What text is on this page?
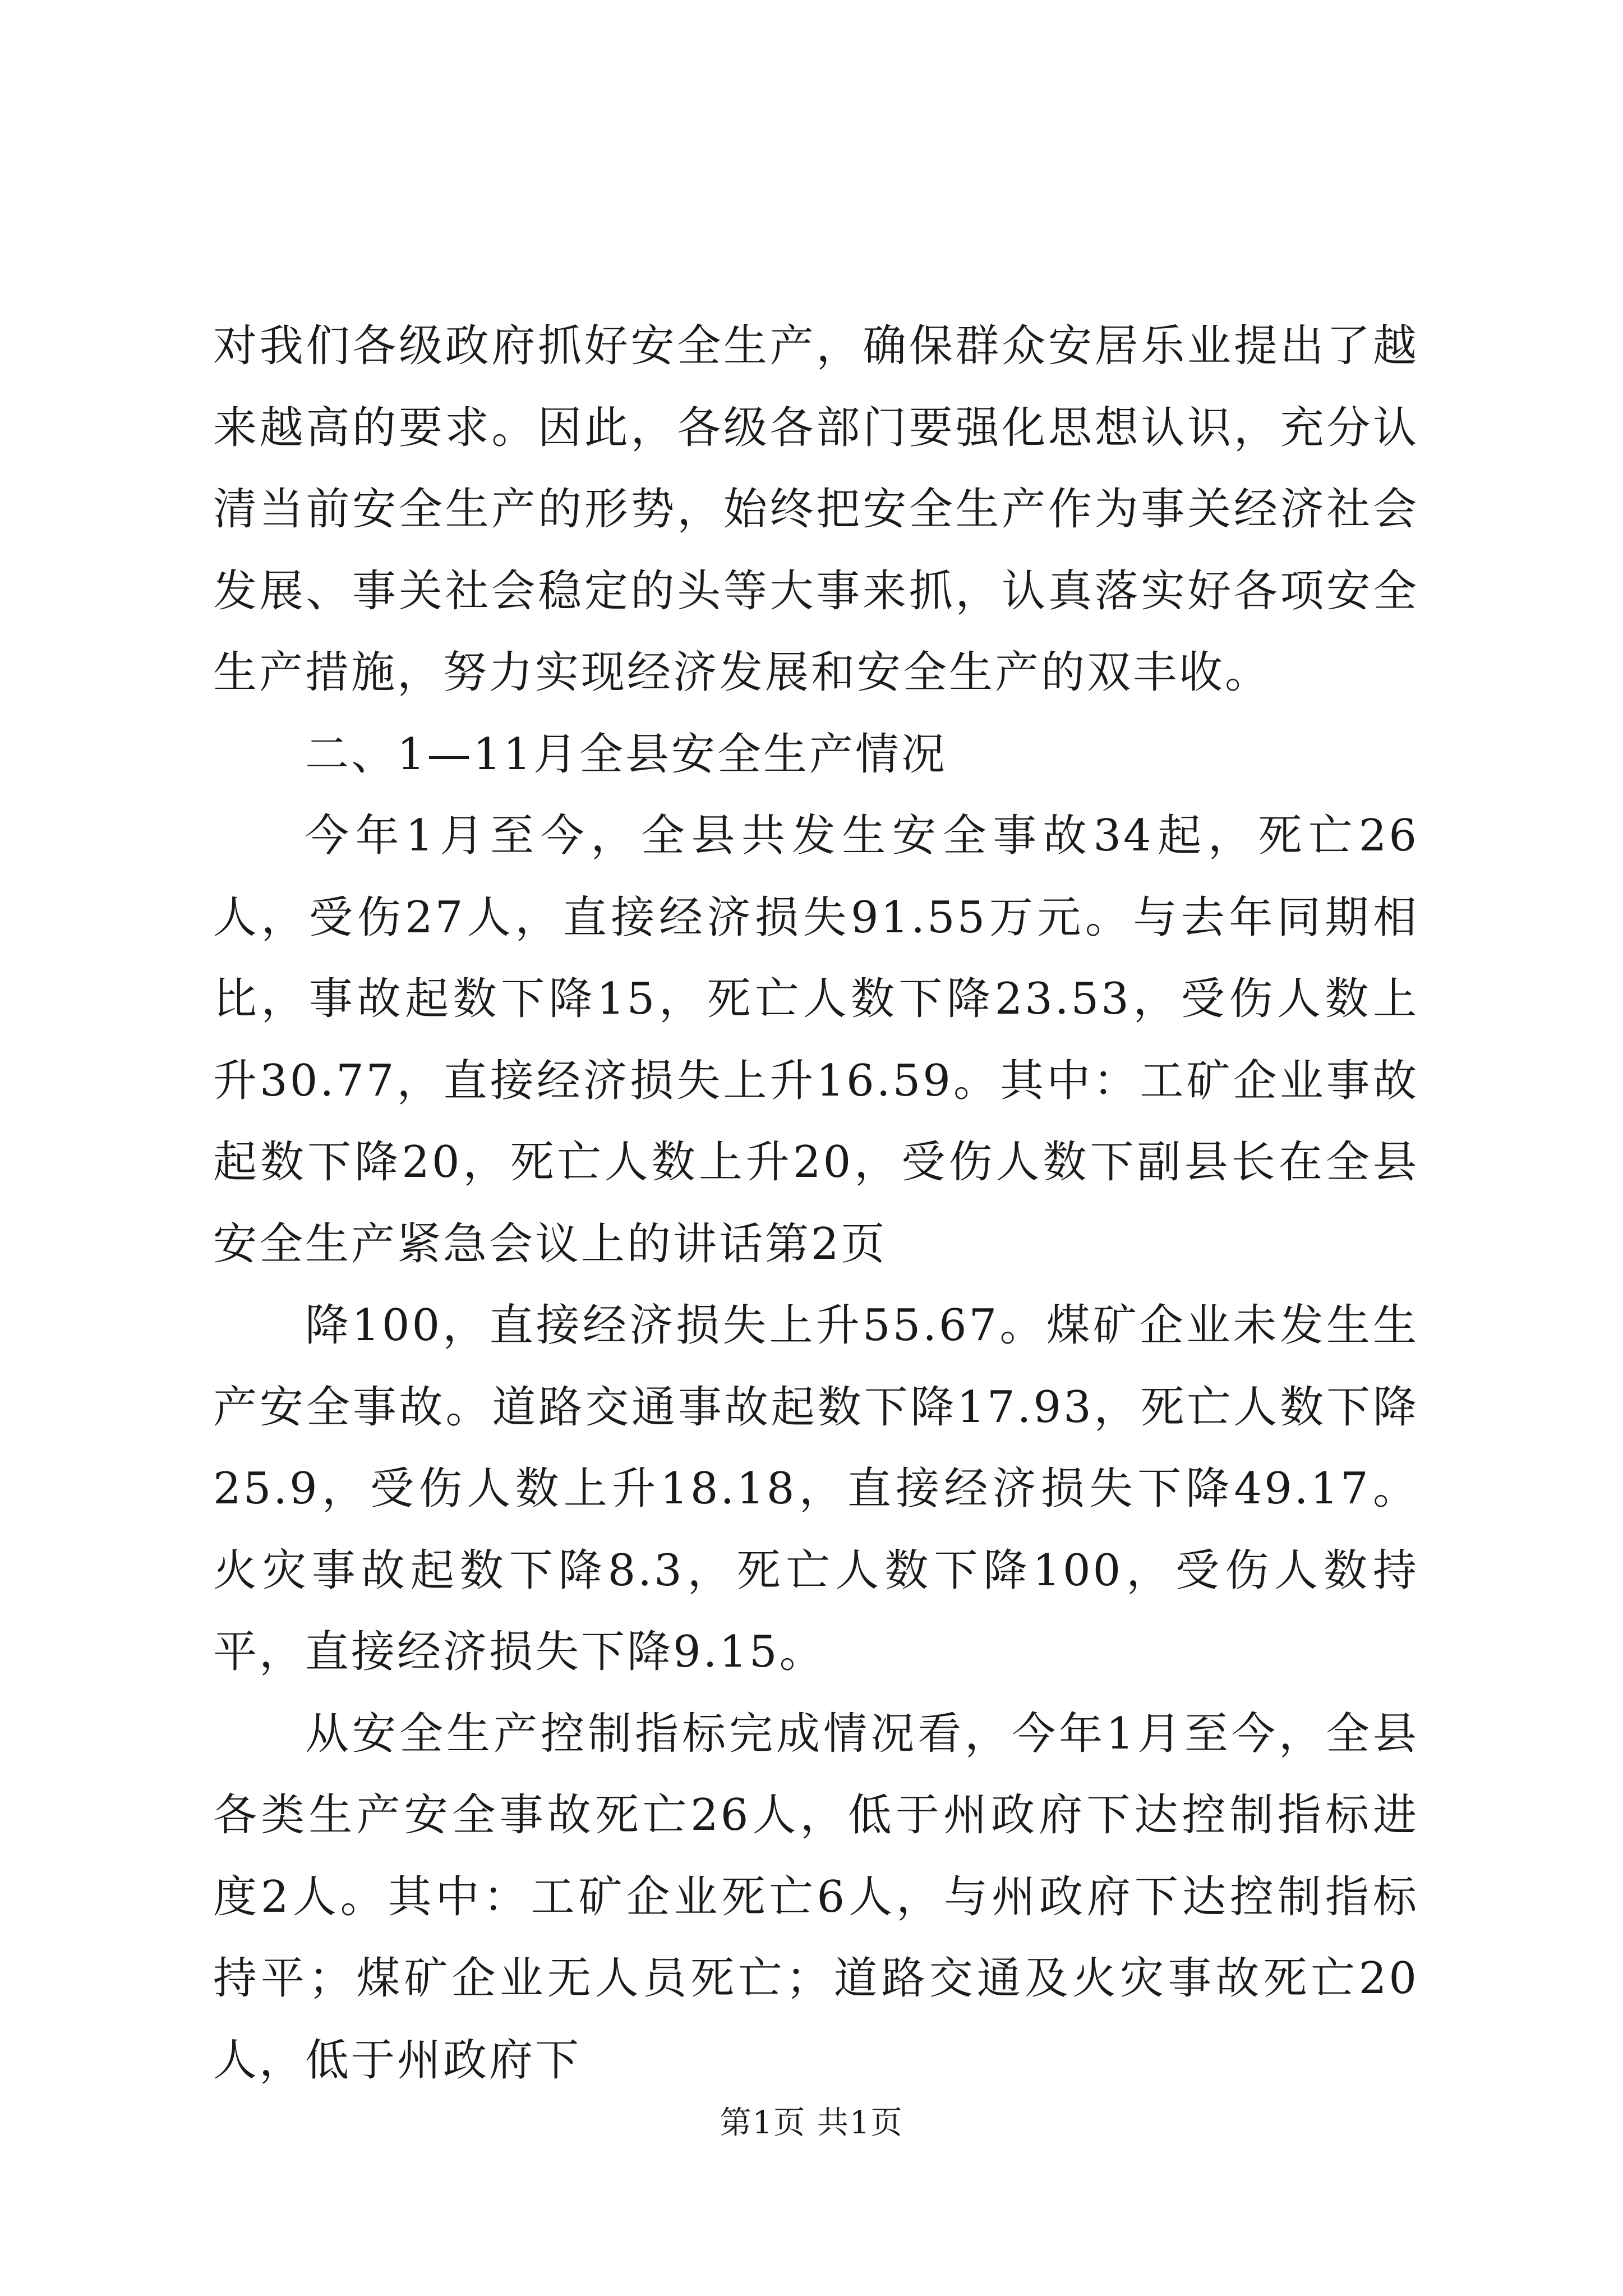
对我们各级政府抓好安全生产，确保群众安居乐业提出了越来越高的要求。因此，各级各部门要强化思想认识，充分认清当前安全生产的形势，始终把安全生产作为事关经济社会发展、事关社会稳定的头等大事来抓，认真落实好各项安全生产措施，努力实现经济发展和安全生产的双丰收。

二、1—11月全县安全生产情况

今年1月至今，全县共发生安全事故34起，死亡26人，受伤27人，直接经济损失91.55万元。与去年同期相比，事故起数下降15，死亡人数下降23.53，受伤人数上升30.77，直接经济损失上升16.59。其中：工矿企业事故起数下降20，死亡人数上升20，受伤人数下副县长在全县安全生产紧急会议上的讲话第2页

降100，直接经济损失上升55.67。煤矿企业未发生生产安全事故。道路交通事故起数下降17.93，死亡人数下降25.9，受伤人数上升18.18，直接经济损失下降49.17。火灾事故起数下降8.3，死亡人数下降100，受伤人数持平，直接经济损失下降9.15。

从安全生产控制指标完成情况看，今年1月至今，全县各类生产安全事故死亡26人，低于州政府下达控制指标进度2人。其中：工矿企业死亡6人，与州政府下达控制指标持平；煤矿企业无人员死亡；道路交通及火灾事故死亡20人，低于州政府下

第1页 共1页
